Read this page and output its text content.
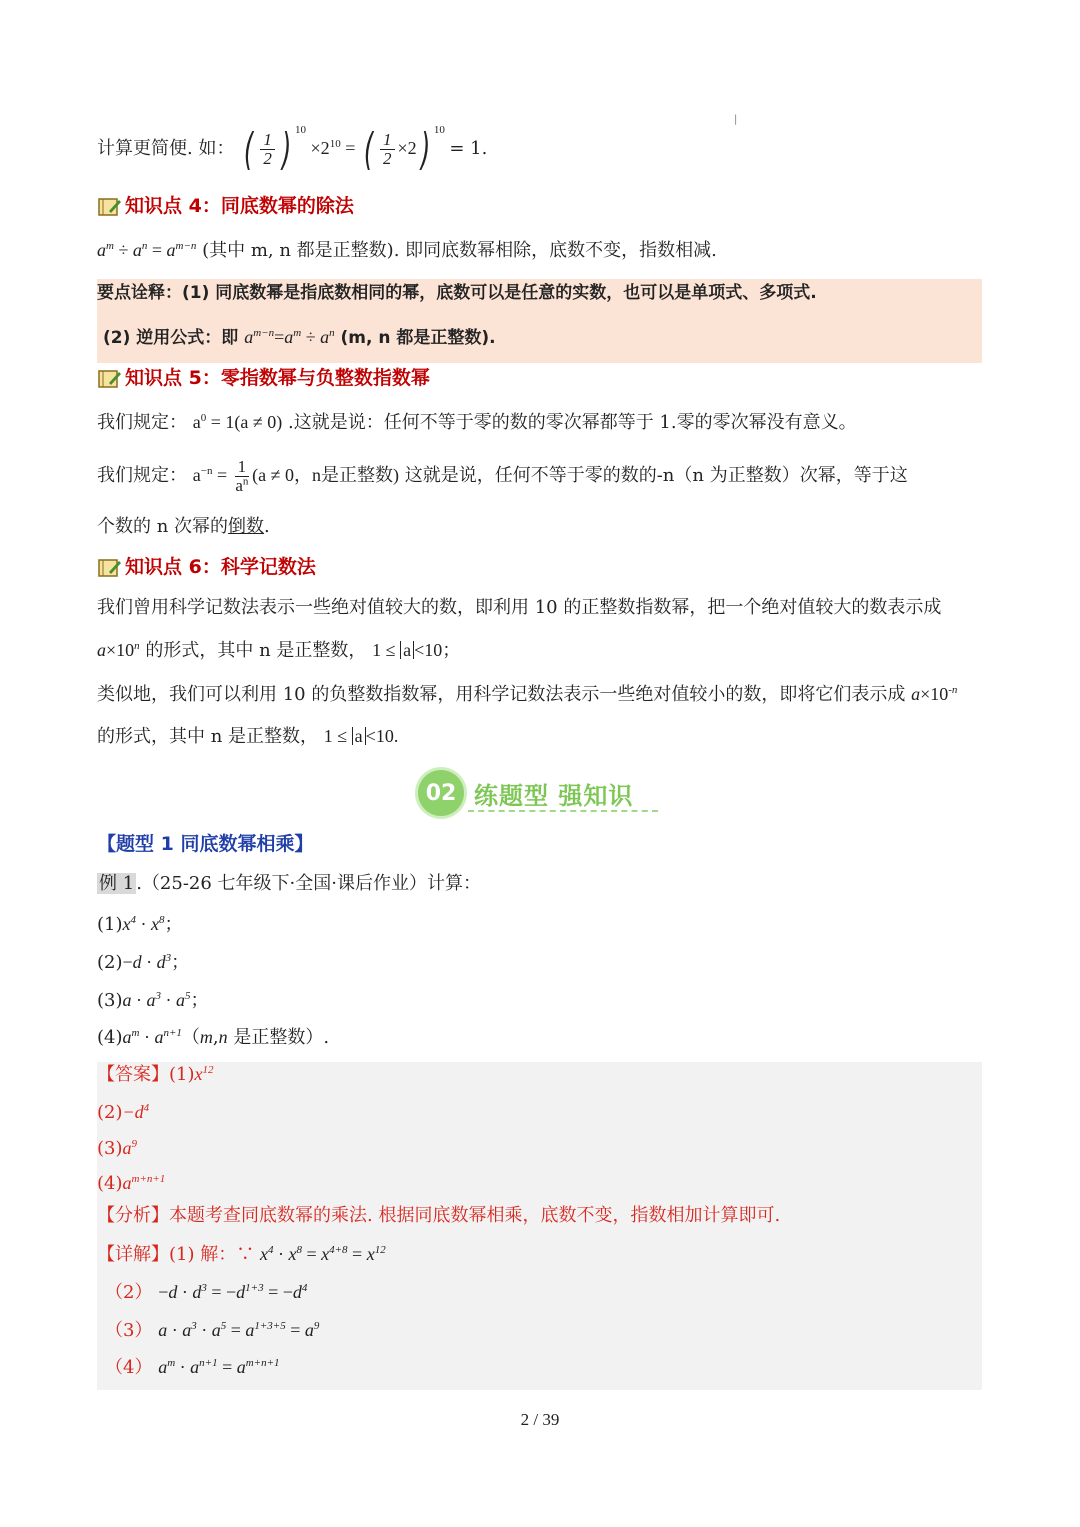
|
计算更简便. 如： ( $\frac{1}{2}$ ) $^{10} \times 2^{10}$ = ( $\frac{1}{2} \times 2$) $^{10}$ = 1.
知识点 4：同底数幂的除法
$a^m \div a^n = a^{m-n}$ (其中 m, n 都是正整数). 即同底数幂相除，底数不变，指数相减.
要点诠释：(1) 同底数幂是指底数相同的幂，底数可以是任意的实数，也可以是单项式、多项式.
(2) 逆用公式：即 $a^{m-n}=a^m \div a^n$ (m, n 都是正整数).
知识点 5：零指数幂与负整数指数幂
我们规定： $a^0 = 1(a \ne 0)$ .这就是说：任何不等于零的数的零次幂都等于 1.零的零次幂没有意义。
我们规定： $a^{-n} = \frac{1}{a^n} (a \ne 0$，n是正整数) 这就是说，任何不等于零的数的-n（n 为正整数）次幂，等于这
个数的 n 次幂的倒数.
知识点 6：科学记数法
我们曾用科学记数法表示一些绝对值较大的数，即利用 10 的正整数指数幂，把一个绝对值较大的数表示成
$a\times 10^n$ 的形式，其中 n 是正整数， 1 ≤ a <10；
类似地，我们可以利用 10 的负整数指数幂，用科学记数法表示一些绝对值较小的数，即将它们表示成 $a\times 10^{-n}$
的形式，其中 n 是正整数， 1 ≤ a <10.
02 练题型 强知识
【题型 1 同底数幂相乘】
例 1 .（25-26 七年级下·全国·课后作业）计算：
$(1)x^4 \cdot x^8$；
$(2)-d \cdot d^3$；
$(3)a \cdot a^3 \cdot a^5$；
$(4)a^m \cdot a^{n+1}(m,n$ 是正整数）.
【答案】$(1)x^{12}$
$(2)-d^4$
$(3)a^9$
$(4)a^{m+n+1}$
【分析】本题考查同底数幂的乘法. 根据同底数幂相乘，底数不变，指数相加计算即可.
【详解】(1) 解：∵ $x^4 \cdot x^8 = x^{4+8} = x^{12}$
$(2) -d \cdot d^3 = -d^{1+3} = -d^4$
（3） $a \cdot a^3 \cdot a^5 = a^{1+3+5} = a^9$
（4） $a^m \cdot a^{n+1} = a^{m+n+1}$
2 / 39
